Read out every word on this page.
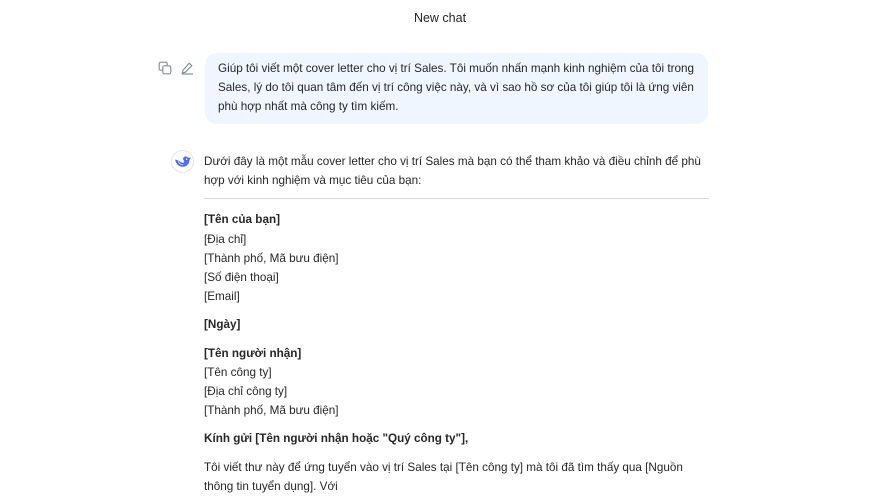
New chat
Giúp tôi viết một cover letter cho vị trí Sales. Tôi muốn nhấn mạnh kinh nghiệm của tôi trong Sales, lý do tôi quan tâm đến vị trí công việc này, và vì sao hồ sơ của tôi giúp tôi là ứng viên phù hợp nhất mà công ty tìm kiếm.

Dưới đây là một mẫu cover letter cho vị trí Sales mà bạn có thể tham khảo và điều chỉnh để phù hợp với kinh nghiệm và mục tiêu của bạn:

[Tên của bạn]
[Địa chỉ]
[Thành phố, Mã bưu điện]
[Số điện thoại]
[Email]
[Ngày]
[Tên người nhận]
[Tên công ty]
[Địa chỉ công ty]
[Thành phố, Mã bưu điện]
Kính gửi [Tên người nhận hoặc "Quý công ty"],

Tôi viết thư này để ứng tuyển vào vị trí Sales tại [Tên công ty] mà tôi đã tìm thấy qua [Nguồn thông tin tuyển dụng]. Với
